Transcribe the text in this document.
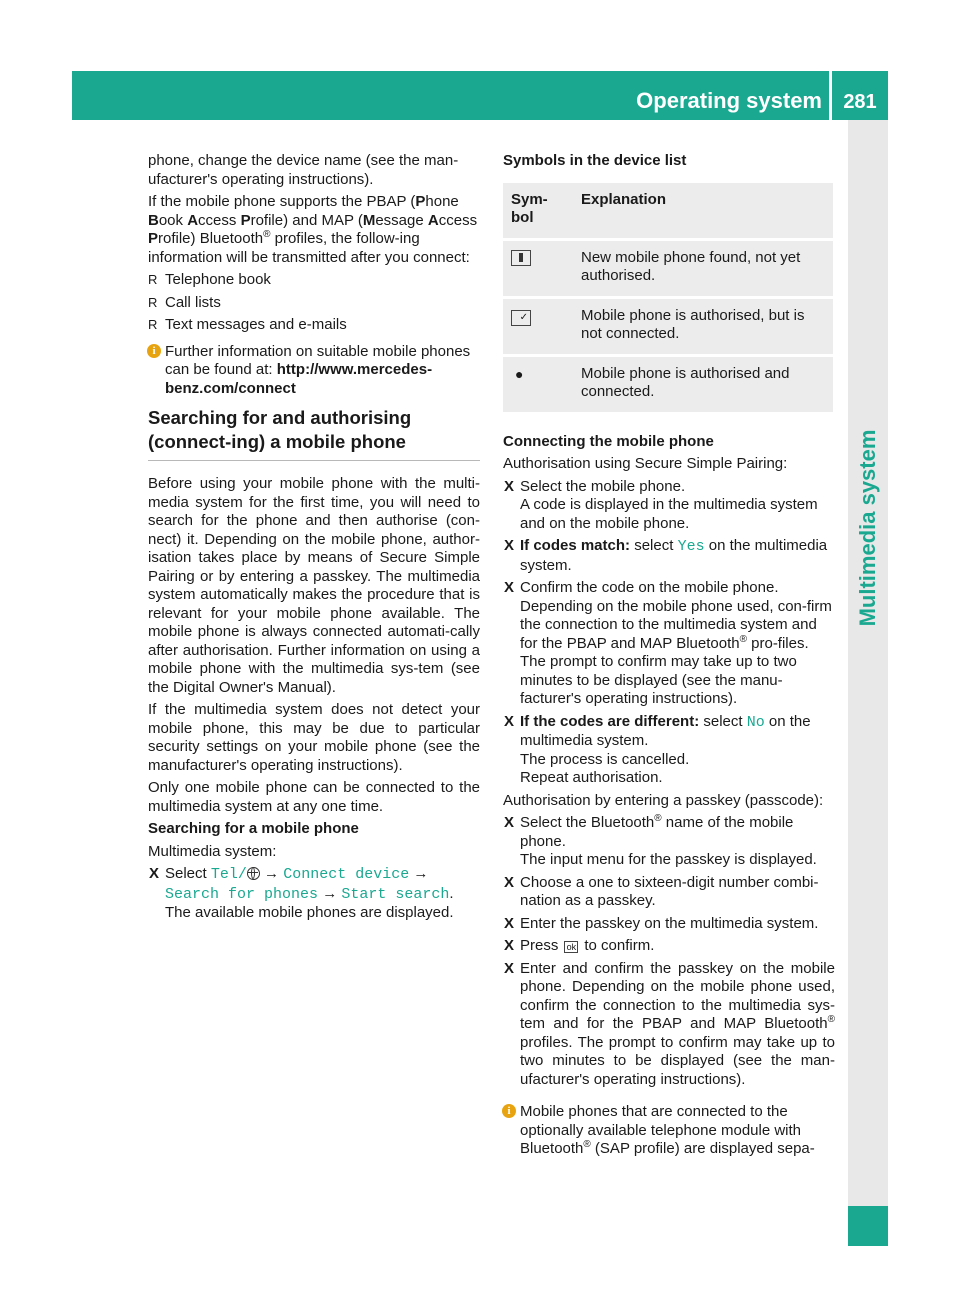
Operating system	281
Multimedia system

phone, change the device name (see the man-ufacturer's operating instructions).

If the mobile phone supports the PBAP (Phone Book Access Profile) and MAP (Message Access Profile) Bluetooth® profiles, the follow-ing information will be transmitted after you connect:

R Telephone book
R Call lists
R Text messages and e-mails
i Further information on suitable mobile phones can be found at: http://www.mercedes-benz.com/connect
Searching for and authorising (connect-ing) a mobile phone

Before using your mobile phone with the multi-media system for the first time, you will need to search for the phone and then authorise (con-nect) it. Depending on the mobile phone, author-isation takes place by means of Secure Simple Pairing or by entering a passkey. The multimedia system automatically makes the procedure that is relevant for your mobile phone available. The mobile phone is always connected automati-cally after authorisation. Further information on using a mobile phone with the multimedia sys-tem (see the Digital Owner's Manual).

If the multimedia system does not detect your mobile phone, this may be due to particular security settings on your mobile phone (see the manufacturer's operating instructions).

Only one mobile phone can be connected to the multimedia system at any one time.

Searching for a mobile phone

Multimedia system:

X Select Tel/ → Connect device → Search for phones → Start search.
The available mobile phones are displayed.
Symbols in the device list
Sym-bol	Explanation
	New mobile phone found, not yet authorised.
✓	Mobile phone is authorised, but is not connected.
●	Mobile phone is authorised and connected.
Connecting the mobile phone

Authorisation using Secure Simple Pairing:

X Select the mobile phone.
A code is displayed in the multimedia system and on the mobile phone.
X If codes match: select Yes on the multimedia system.
X Confirm the code on the mobile phone.
Depending on the mobile phone used, con-firm the connection to the multimedia system and for the PBAP and MAP Bluetooth® pro-files. The prompt to confirm may take up to two minutes to be displayed (see the manu-facturer's operating instructions).
X If the codes are different: select No on the multimedia system.
The process is cancelled.
Repeat authorisation.

Authorisation by entering a passkey (passcode):

X Select the Bluetooth® name of the mobile phone.
The input menu for the passkey is displayed.
X Choose a one to sixteen-digit number combi-nation as a passkey.
X Enter the passkey on the multimedia system.
X Press ok to confirm.
X Enter and confirm the passkey on the mobile phone. Depending on the mobile phone used, confirm the connection to the multimedia sys-tem and for the PBAP and MAP Bluetooth® profiles. The prompt to confirm may take up to two minutes to be displayed (see the man-ufacturer's operating instructions).
i Mobile phones that are connected to the optionally available telephone module with Bluetooth® (SAP profile) are displayed sepa-
